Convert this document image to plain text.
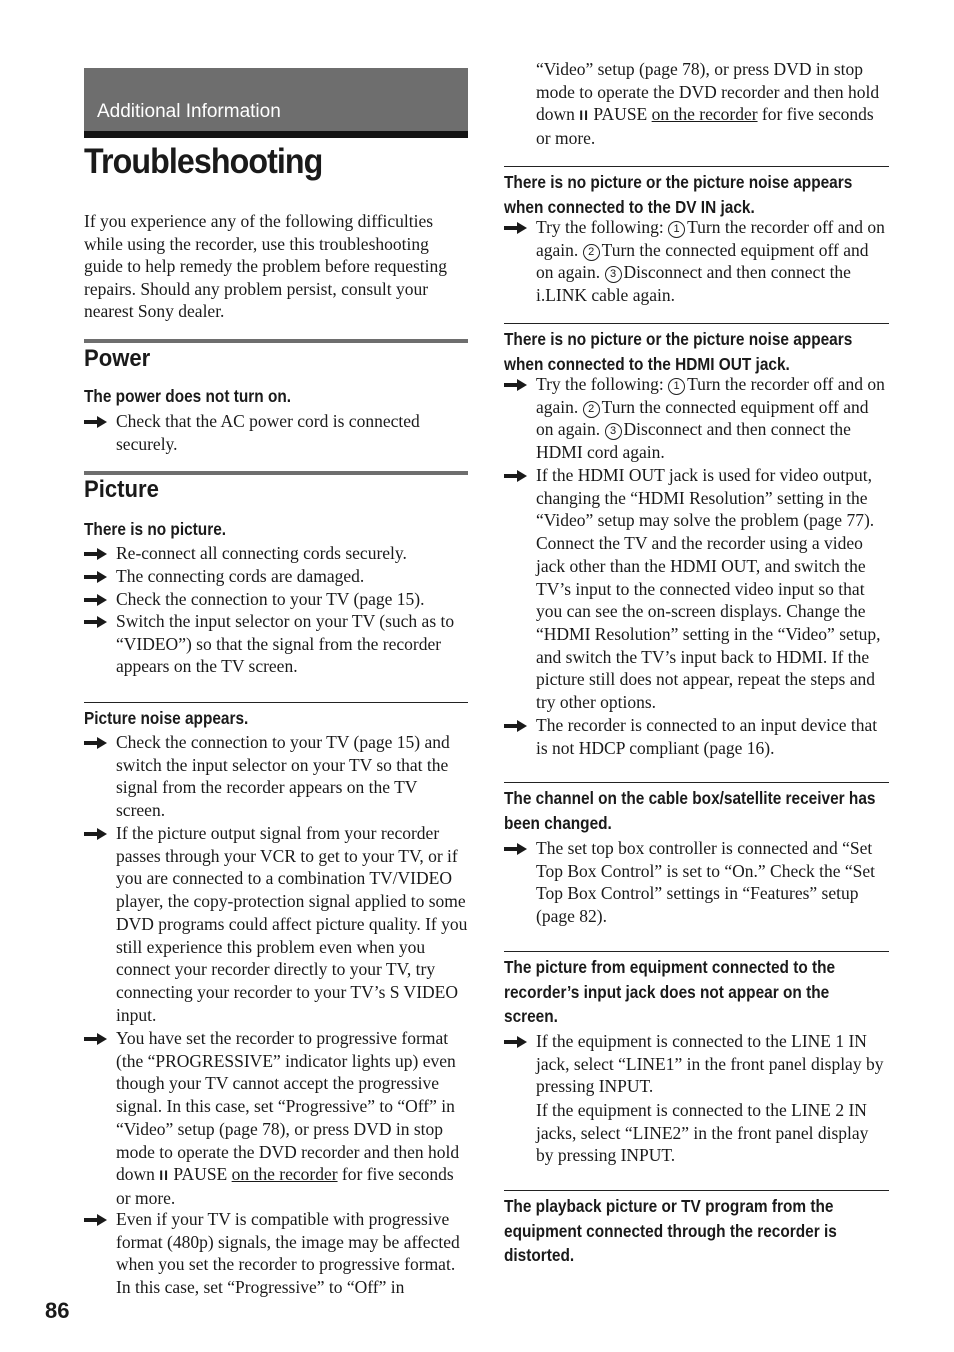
Additional Information
Troubleshooting

If you experience any of the following difficulties while using the recorder, use this troubleshooting guide to help remedy the problem before requesting repairs. Should any problem persist, consult your nearest Sony dealer.

Power
The power does not turn on.

Check that the AC power cord is connected securely.

Picture
There is no picture.

Re-connect all connecting cords securely.

The connecting cords are damaged.

Check the connection to your TV (page 15).

Switch the input selector on your TV (such as to “VIDEO”) so that the signal from the recorder appears on the TV screen.

Picture noise appears.

Check the connection to your TV (page 15) and switch the input selector on your TV so that the signal from the recorder appears on the TV screen.

If the picture output signal from your recorder passes through your VCR to get to your TV, or if you are connected to a combination TV/VIDEO player, the copy-protection signal applied to some DVD programs could affect picture quality. If you still experience this problem even when you connect your recorder directly to your TV, try connecting your recorder to your TV’s S VIDEO input.

You have set the recorder to progressive format (the “PROGRESSIVE” indicator lights up) even though your TV cannot accept the progressive signal. In this case, set “Progressive” to “Off” in “Video” setup (page 78), or press DVD in stop mode to operate the DVD recorder and then hold down II PAUSE on the recorder for five seconds or more.

Even if your TV is compatible with progressive format (480p) signals, the image may be affected when you set the recorder to progressive format. In this case, set “Progressive” to “Off” in

86

“Video” setup (page 78), or press DVD in stop mode to operate the DVD recorder and then hold down II PAUSE on the recorder for five seconds or more.

There is no picture or the picture noise appears when connected to the DV IN jack.

Try the following: 1 Turn the recorder off and on again. 2 Turn the connected equipment off and on again. 3 Disconnect and then connect the i.LINK cable again.

There is no picture or the picture noise appears when connected to the HDMI OUT jack.

Try the following: 1 Turn the recorder off and on again. 2 Turn the connected equipment off and on again. 3 Disconnect and then connect the HDMI cord again.

If the HDMI OUT jack is used for video output, changing the “HDMI Resolution” setting in the “Video” setup may solve the problem (page 77). Connect the TV and the recorder using a video jack other than the HDMI OUT, and switch the TV’s input to the connected video input so that you can see the on-screen displays. Change the “HDMI Resolution” setting in the “Video” setup, and switch the TV’s input back to HDMI. If the picture still does not appear, repeat the steps and try other options.

The recorder is connected to an input device that is not HDCP compliant (page 16).

The channel on the cable box/satellite receiver has been changed.

The set top box controller is connected and “Set Top Box Control” is set to “On.” Check the “Set Top Box Control” settings in “Features” setup (page 82).

The picture from equipment connected to the recorder’s input jack does not appear on the screen.

If the equipment is connected to the LINE 1 IN jack, select “LINE1” in the front panel display by pressing INPUT.

If the equipment is connected to the LINE 2 IN jacks, select “LINE2” in the front panel display by pressing INPUT.

The playback picture or TV program from the equipment connected through the recorder is distorted.
